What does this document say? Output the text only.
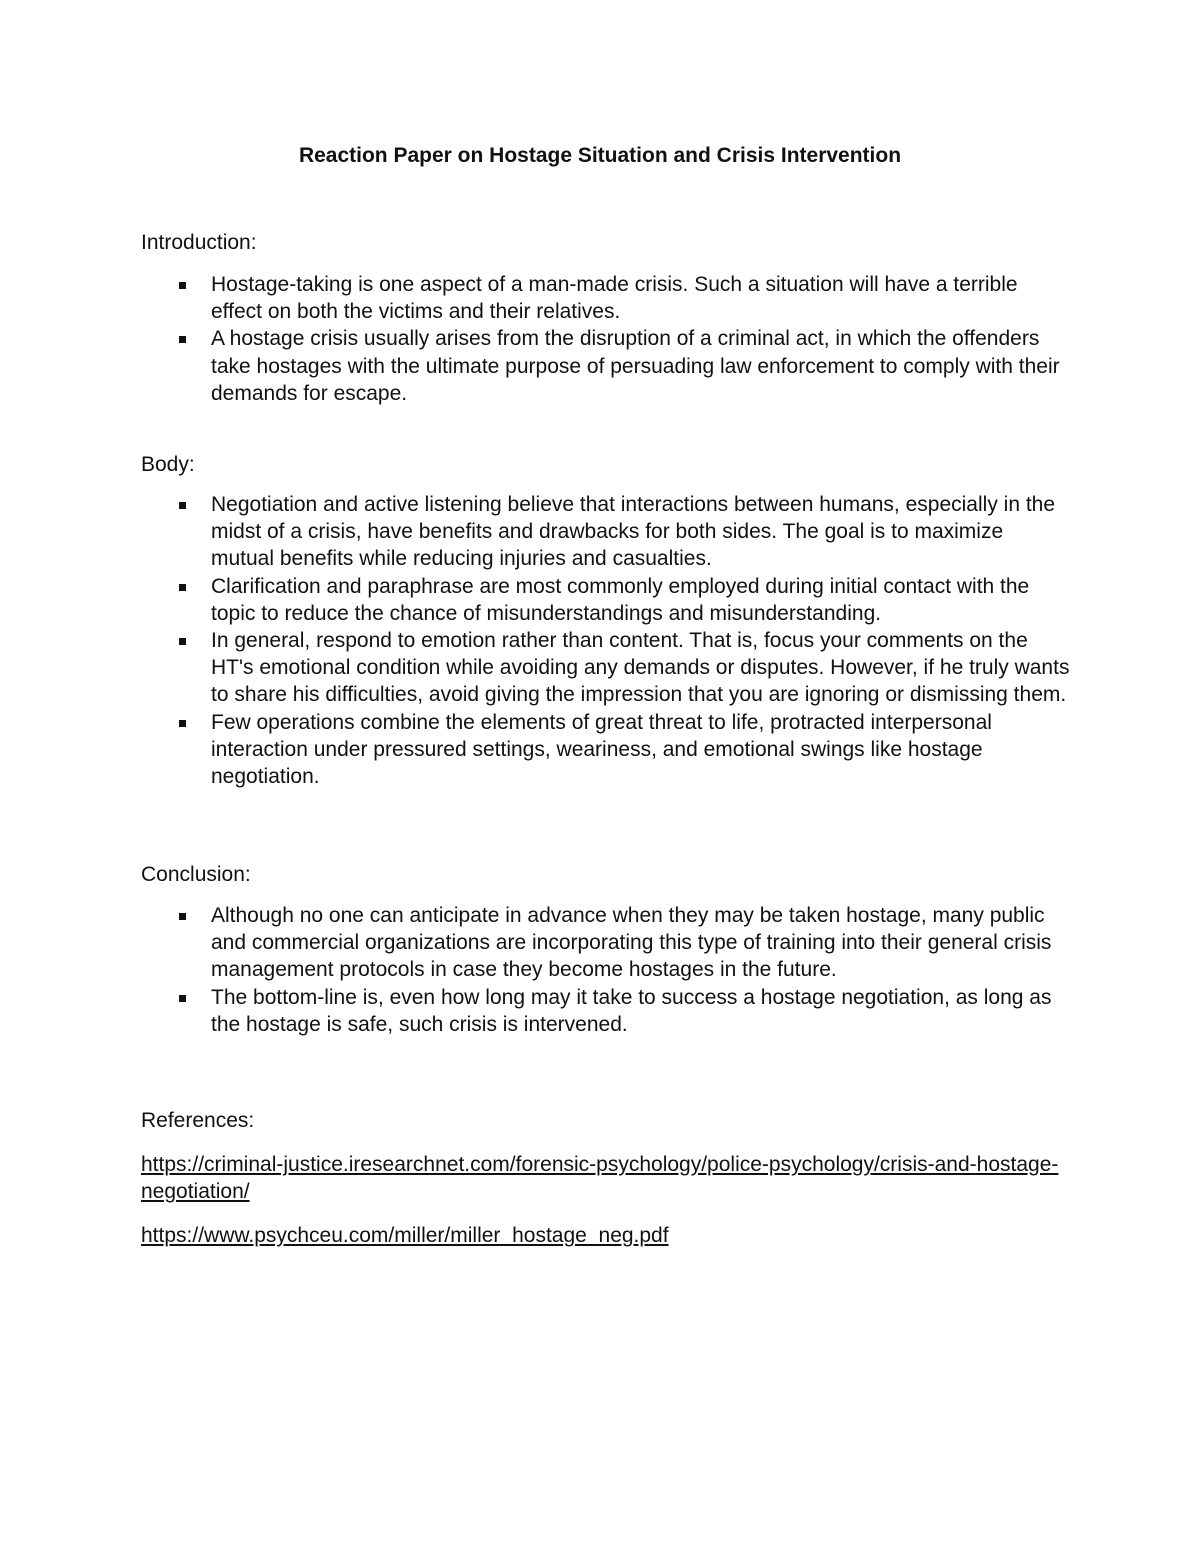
Reaction Paper on Hostage Situation and Crisis Intervention

Introduction:

Hostage-taking is one aspect of a man-made crisis. Such a situation will have a terrible effect on both the victims and their relatives.
A hostage crisis usually arises from the disruption of a criminal act, in which the offenders take hostages with the ultimate purpose of persuading law enforcement to comply with their demands for escape.

Body:

Negotiation and active listening believe that interactions between humans, especially in the midst of a crisis, have benefits and drawbacks for both sides. The goal is to maximize mutual benefits while reducing injuries and casualties.
Clarification and paraphrase are most commonly employed during initial contact with the topic to reduce the chance of misunderstandings and misunderstanding.
In general, respond to emotion rather than content. That is, focus your comments on the HT's emotional condition while avoiding any demands or disputes. However, if he truly wants to share his difficulties, avoid giving the impression that you are ignoring or dismissing them.
Few operations combine the elements of great threat to life, protracted interpersonal interaction under pressured settings, weariness, and emotional swings like hostage negotiation.

Conclusion:

Although no one can anticipate in advance when they may be taken hostage, many public and commercial organizations are incorporating this type of training into their general crisis management protocols in case they become hostages in the future.
The bottom-line is, even how long may it take to success a hostage negotiation, as long as the hostage is safe, such crisis is intervened.

References:

https://criminal-justice.iresearchnet.com/forensic-psychology/police-psychology/crisis-and-hostage-negotiation/
https://www.psychceu.com/miller/miller_hostage_neg.pdf
